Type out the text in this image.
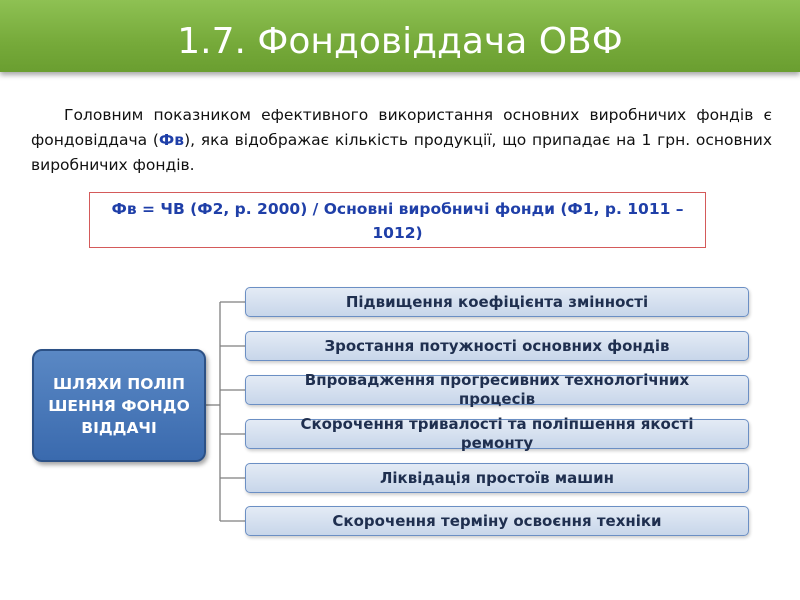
1.7. Фондовіддача ОВФ
Головним показником ефективного використання основних виробничих фондів є фондовіддача (Фв), яка відображає кількість продукції, що припадає на 1 грн. основних виробничих фондів.
Фв = ЧВ (Ф2, р. 2000) / Основні виробничі фонди (Ф1, р. 1011 – 1012)
ШЛЯХИ ПОЛІПШЕННЯ ФОНДОВІДДАЧІ
Підвищення коефіцієнта змінності
Зростання потужності основних фондів
Впровадження прогресивних технологічних процесів
Скорочення тривалості та поліпшення якості ремонту
Ліквідація простоїв машин
Скорочення терміну освоєння техніки
